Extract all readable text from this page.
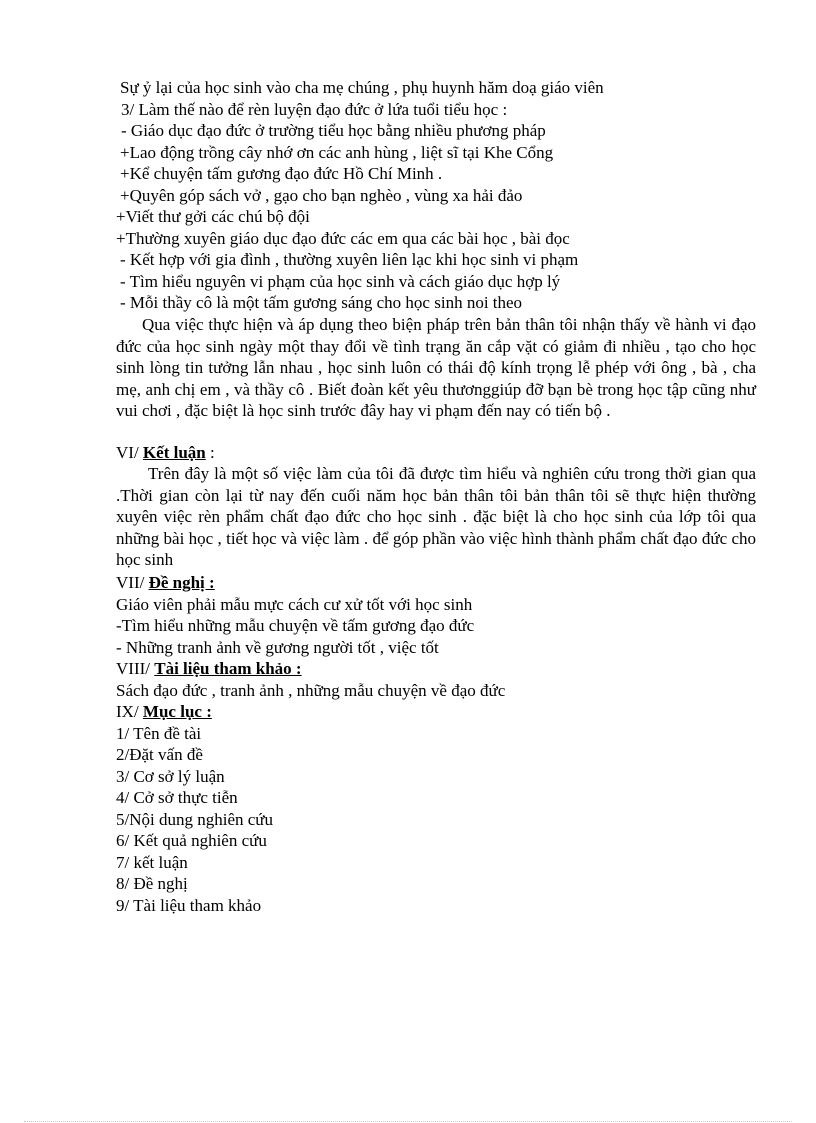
Sự ỷ lại của học sinh vào cha mẹ chúng , phụ huynh hăm doạ giáo viên
3/ Làm thế nào để rèn luyện đạo đức ở lứa tuổi tiểu học :
- Giáo dục đạo đức ở trường tiểu học bằng nhiều phương pháp
+Lao động trồng cây nhớ ơn các anh hùng , liệt sĩ tại Khe Cổng
+Kể chuyện tấm gương đạo đức Hồ Chí Minh .
+Quyên góp sách vở , gạo cho bạn nghèo , vùng xa hải đảo
+Viết thư gởi các chú bộ đội
+Thường xuyên giáo dục đạo đức các em qua các bài học , bài đọc
- Kết hợp với gia đình , thường xuyên liên lạc khi học sinh vi phạm
- Tìm hiểu nguyên vi phạm của học sinh và cách giáo dục hợp lý
- Mỗi thầy cô là một tấm gương sáng cho học sinh noi theo
Qua việc thực hiện và áp dụng theo biện pháp trên bản thân tôi nhận thấy về hành vi đạo đức của học sinh ngày một thay đổi về tình trạng ăn cắp vặt có giảm đi nhiều , tạo cho học sinh lòng tin tưởng lẫn nhau , học sinh luôn có thái độ kính trọng lễ phép với ông , bà , cha mẹ, anh chị em , và thầy cô . Biết đoàn kết yêu thươnggiúp đỡ bạn bè trong học tập cũng như vui chơi , đặc biệt là học sinh trước đây hay vi phạm đến nay có tiến bộ .
VI/ Kết luận :
Trên đây là một số việc làm của tôi đã được tìm hiểu và nghiên cứu trong thời gian qua .Thời gian còn lại từ nay đến cuối năm học bản thân tôi bản thân tôi sẽ thực hiện thường xuyên việc rèn phẩm chất đạo đức cho học sinh . đặc biệt là cho học sinh của lớp tôi qua những bài học , tiết học và việc làm . để góp phần vào việc hình thành phẩm chất đạo đức cho học sinh
VII/ Đề nghị :
Giáo viên phải mẫu mực cách cư xử tốt với học sinh
-Tìm hiểu những mẫu chuyện về tấm gương đạo đức
- Những tranh ảnh về gương người tốt , việc tốt
VIII/ Tài liệu tham khảo :
Sách đạo đức , tranh ảnh , những mẫu chuyện về đạo đức
IX/ Mục lục :
1/ Tên đề tài
2/Đặt vấn đề
3/ Cơ sở lý luận
4/ Cở sở thực tiễn
5/Nội dung nghiên cứu
6/ Kết quả nghiên cứu
7/ kết luận
8/ Đề nghị
9/ Tài liệu tham khảo
